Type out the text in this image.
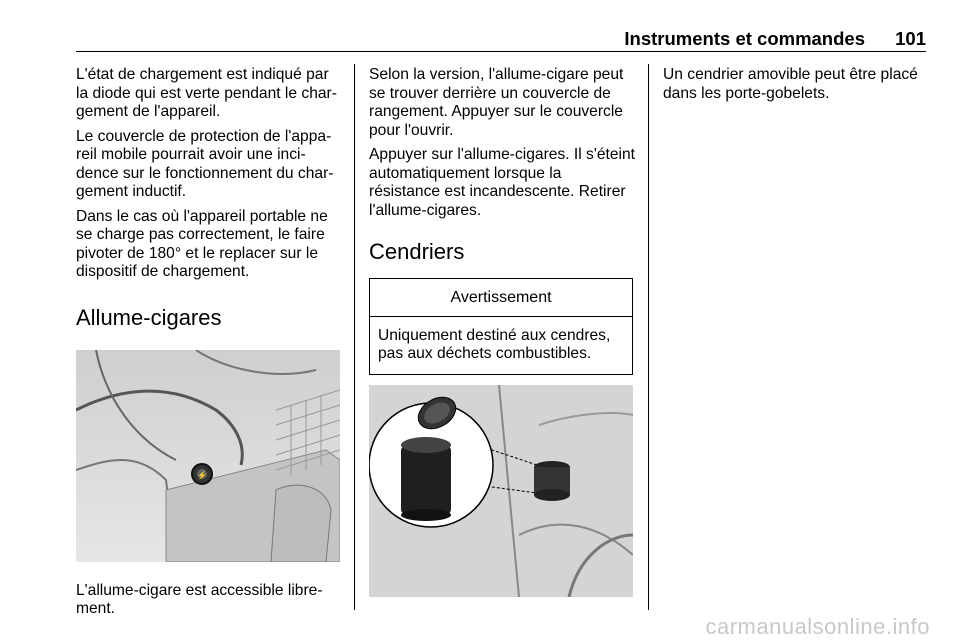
Instruments et commandes	101

L'état de chargement est indiqué par la diode qui est verte pendant le chargement de l'appareil.

Le couvercle de protection de l'appareil mobile pourrait avoir une incidence sur le fonctionnement du chargement inductif.

Dans le cas où l'appareil portable ne se charge pas correctement, le faire pivoter de 180° et le replacer sur le dispositif de chargement.

Allume-cigares
⚡
L'allume-cigare est accessible librement.

Selon la version, l'allume-cigare peut se trouver derrière un couvercle de rangement. Appuyer sur le couvercle pour l'ouvrir.

Appuyer sur l'allume-cigares. Il s'éteint automatiquement lorsque la résistance est incandescente. Retirer l'allume-cigares.

Cendriers
Avertissement
Uniquement destiné aux cendres, pas aux déchets combustibles.

Un cendrier amovible peut être placé dans les porte-gobelets.

carmanualsonline.info
